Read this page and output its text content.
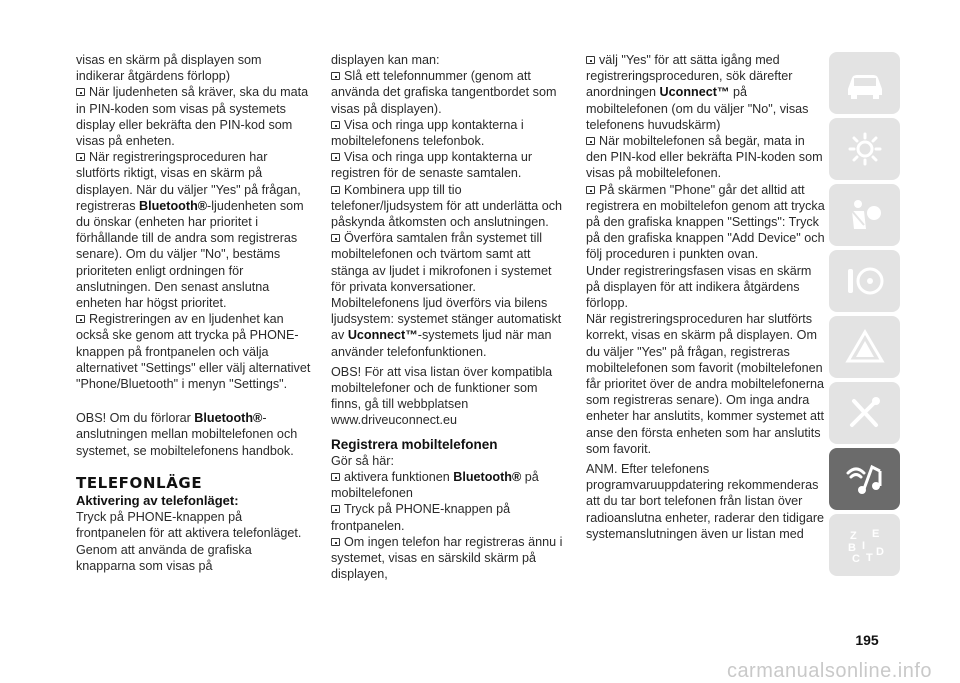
visas en skärm på displayen som
indikerar åtgärdens förlopp)

När ljudenheten så kräver, ska du mata in PIN-koden som visas på systemets display eller bekräfta den PIN-kod som visas på enheten.

När registreringsproceduren har slutförts riktigt, visas en skärm på displayen. När du väljer "Yes" på frågan, registreras Bluetooth®-ljudenheten som du önskar (enheten har prioritet i förhållande till de andra som registreras senare). Om du väljer "No", bestäms prioriteten enligt ordningen för anslutningen. Den senast anslutna enheten har högst prioritet.

Registreringen av en ljudenhet kan också ske genom att trycka på PHONE-knappen på frontpanelen och välja alternativet "Settings" eller välj alternativet "Phone/Bluetooth" i menyn "Settings".

OBS! Om du förlorar Bluetooth®-anslutningen mellan mobiltelefonen och systemet, se mobiltelefonens handbok.

TELEFONLÄGE
Aktivering av telefonläget:

Tryck på PHONE-knappen på frontpanelen för att aktivera telefonläget. Genom att använda de grafiska knapparna som visas på

displayen kan man:

Slå ett telefonnummer (genom att använda det grafiska tangentbordet som visas på displayen).

Visa och ringa upp kontakterna i mobiltelefonens telefonbok.

Visa och ringa upp kontakterna ur registren för de senaste samtalen.

Kombinera upp till tio telefoner/ljudsystem för att underlätta och påskynda åtkomsten och anslutningen.

Överföra samtalen från systemet till mobiltelefonen och tvärtom samt att stänga av ljudet i mikrofonen i systemet för privata konversationer. Mobiltelefonens ljud överförs via bilens ljudsystem: systemet stänger automatiskt av Uconnect™-systemets ljud när man använder telefonfunktionen.

OBS! För att visa listan över kompatibla mobiltelefoner och de funktioner som finns, gå till webbplatsen www.driveuconnect.eu

Registrera mobiltelefonen

Gör så här:

aktivera funktionen Bluetooth® på mobiltelefonen

Tryck på PHONE-knappen på frontpanelen.

Om ingen telefon har registreras ännu i systemet, visas en särskild skärm på displayen,

välj "Yes" för att sätta igång med registreringsproceduren, sök därefter anordningen Uconnect™ på mobiltelefonen (om du väljer "No", visas telefonens huvudskärm)

När mobiltelefonen så begär, mata in den PIN-kod eller bekräfta PIN-koden som visas på mobiltelefonen.

På skärmen "Phone" går det alltid att registrera en mobiltelefon genom att trycka på den grafiska knappen "Settings": Tryck på den grafiska knappen "Add Device" och följ proceduren i punkten ovan.

Under registreringsfasen visas en skärm på displayen för att indikera åtgärdens förlopp.

När registreringsproceduren har slutförts korrekt, visas en skärm på displayen. Om du väljer "Yes" på frågan, registreras mobiltelefonen som favorit (mobiltelefonen får prioritet över de andra mobiltelefonerna som registreras senare). Om inga andra enheter har anslutits, kommer systemet att anse den första enheten som har anslutits som favorit.

ANM. Efter telefonens programvaruuppdatering rekommenderas att du tar bort telefonen från listan över radioanslutna enheter, raderar den tidigare systemanslutningen även ur listan med	Z E
B I
C T D
195
carmanualsonline.info
